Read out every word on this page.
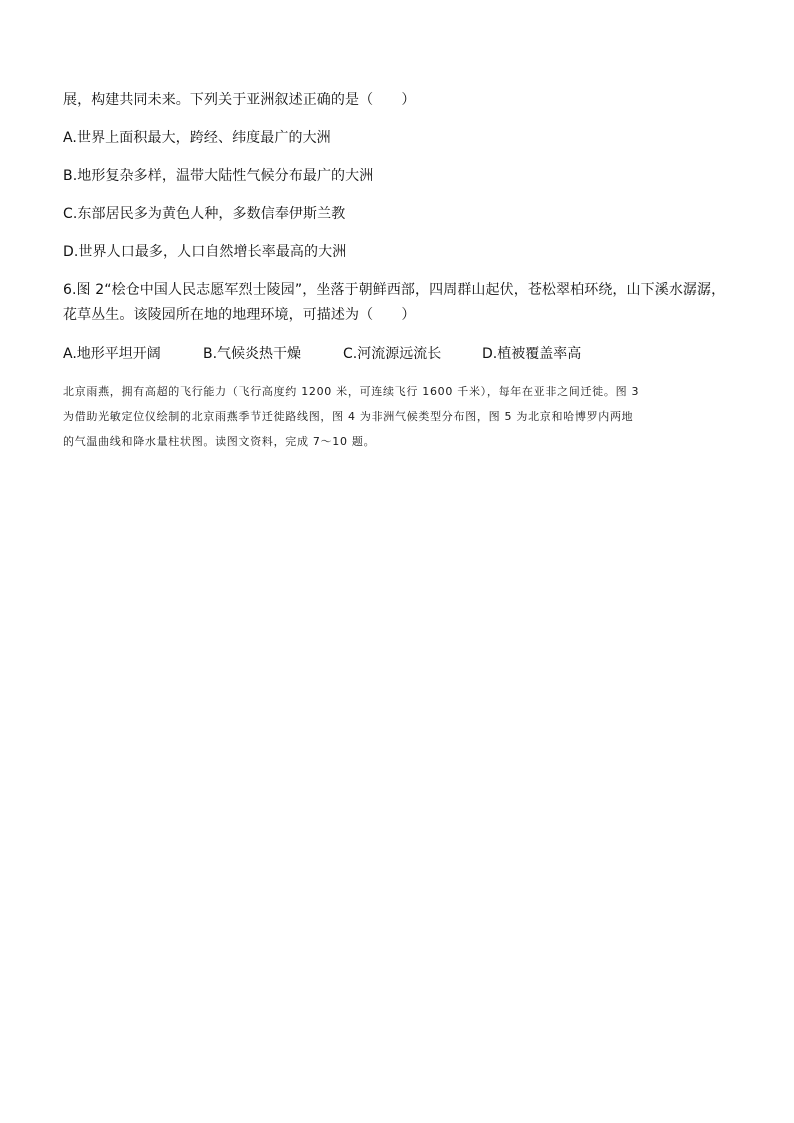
展，构建共同未来。下列关于亚洲叙述正确的是（　　）
A.世界上面积最大，跨经、纬度最广的大洲
B.地形复杂多样，温带大陆性气候分布最广的大洲
C.东部居民多为黄色人种，多数信奉伊斯兰教
D.世界人口最多，人口自然增长率最高的大洲
6.图 2“桧仓中国人民志愿军烈士陵园”，坐落于朝鲜西部，四周群山起伏，苍松翠柏环绕，山下溪水潺潺，
花草丛生。该陵园所在地的地理环境，可描述为（　　）
A.地形平坦开阔	B.气候炎热干燥	C.河流源远流长	D.植被覆盖率高
北京雨燕，拥有高超的飞行能力（飞行高度约 1200 米，可连续飞行 1600 千米），每年在亚非之间迁徙。图 3
为借助光敏定位仪绘制的北京雨燕季节迁徙路线图，图 4 为非洲气候类型分布图，图 5 为北京和哈博罗内两地
的气温曲线和降水量柱状图。读图文资料，完成 7～10 题。
